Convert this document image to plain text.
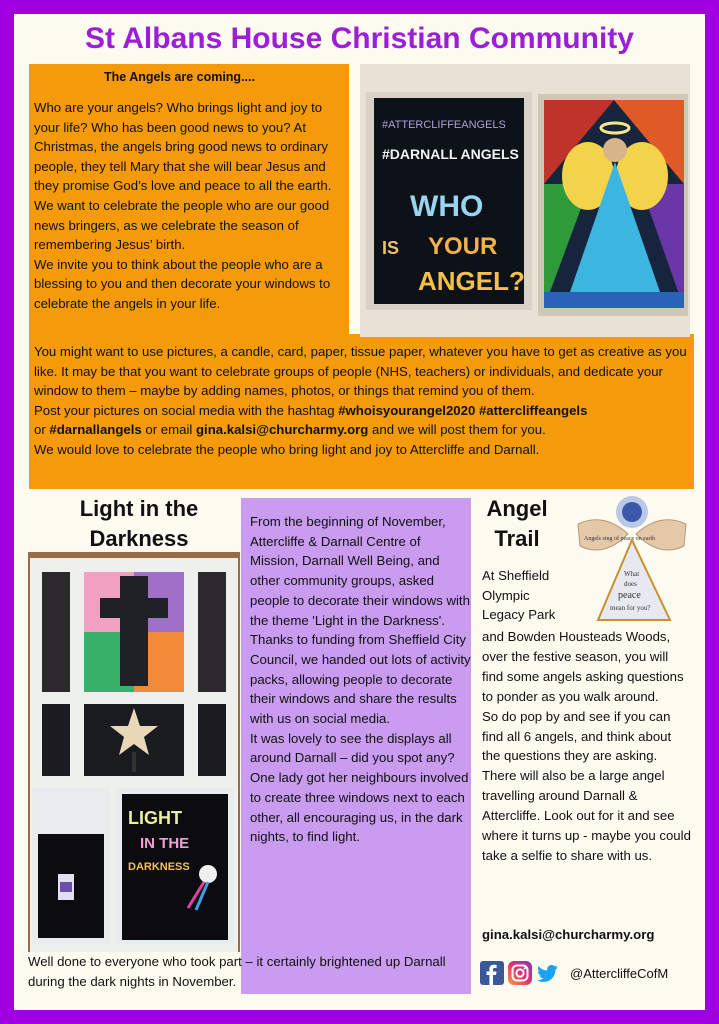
St Albans House Christian Community
The Angels are coming....
Who are your angels? Who brings light and joy to your life? Who has been good news to you? At Christmas, the angels bring good news to ordinary people, they tell Mary that she will bear Jesus and they promise God’s love and peace to all the earth. We want to celebrate the people who are our good news bringers, as we celebrate the season of remembering Jesus’ birth.
We invite you to think about the people who are a blessing to you and then decorate your windows to celebrate the angels in your life.
You might want to use pictures, a candle, card, paper, tissue paper, whatever you have to get as creative as you like. It may be that you want to celebrate groups of people (NHS, teachers) or individuals, and dedicate your window to them – maybe by adding names, photos, or things that remind you of them.
Post your pictures on social media with the hashtag #whoisyourangel2020 #attercliffeangels
or #darnallangels or email gina.kalsi@churcharmy.org and we will post them for you.
We would love to celebrate the people who bring light and joy to Attercliffe and Darnall.
#ATTERCLIFFEANGELS
#DARNALL ANGELS
WHO
IS YOUR
ANGEL?
Light in the
Darkness
LIGHT
IN THE
DARKNESS
From the beginning of November, Attercliffe & Darnall Centre of Mission, Darnall Well Being, and other community groups, asked people to decorate their windows with the theme 'Light in the Darkness'.
Thanks to funding from Sheffield City Council, we handed out lots of activity packs, allowing people to decorate their windows and share the results with us on social media.
It was lovely to see the displays all around Darnall – did you spot any? One lady got her neighbours involved to create three windows next to each other, all encouraging us, in the dark nights, to find light.
Well done to everyone who took part – it certainly brightened up Darnall during the dark nights in November.
Angel
Trail	Angels sing of peace on earth
What
does
peace
mean for you?
At Sheffield Olympic Legacy Park
and Bowden Housteads Woods, over the festive season, you will find some angels asking questions to ponder as you walk around.
So do pop by and see if you can find all 6 angels, and think about the questions they are asking.
There will also be a large angel travelling around Darnall & Attercliffe. Look out for it and see where it turns up - maybe you could take a selfie to share with us.
gina.kalsi@churcharmy.org
@AttercliffeCofM
